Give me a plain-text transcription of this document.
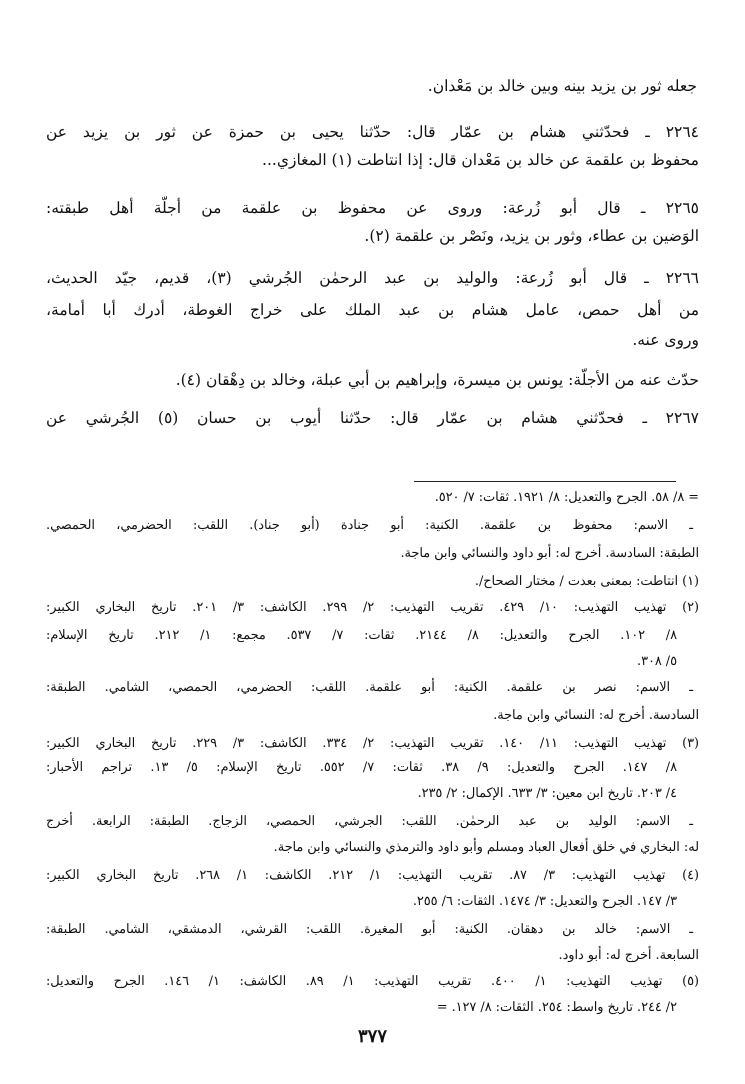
جعله ثور بن يزيد بينه وبين خالد بن مَعْدان.
٢٢٦٤ ـ فحدّثني هشام بن عمّار قال: حدّثنا يحيى بن حمزة عن ثور بن يزيد عن
محفوظ بن علقمة عن خالد بن مَعْدان قال: إذا انتاطت (١) المغازي...
٢٢٦٥ ـ قال أبو زُرعة: وروى عن محفوظ بن علقمة من أجلّة أهل طبقته:
الوَضين بن عطاء، وثور بن يزيد، ونَصْر بن علقمة (٢).
٢٢٦٦ ـ قال أبو زُرعة: والوليد بن عبد الرحمٰن الجُرشي (٣)، قديم، جيّد الحديث،
من أهل حمص، عامل هشام بن عبد الملك على خراج الغوطة، أدرك أبا أمامة،
وروى عنه.
حدّث عنه من الأجلّة: يونس بن ميسرة، وإبراهيم بن أبي عبلة، وخالد بن دِهْقان (٤).
٢٢٦٧ ـ فحدّثني هشام بن عمّار قال: حدّثنا أيوب بن حسان (٥) الجُرشي عن
= ٨/ ٥٨. الجرح والتعديل: ٨/ ١٩٢١. ثقات: ٧/ ٥٢٠.
ـ الاسم: محفوظ بن علقمة. الكنية: أبو جنادة (أبو جناد). اللقب: الحضرمي، الحمصي.
الطبقة: السادسة. أخرج له: أبو داود والنسائي وابن ماجة.
(١) انتاطت: بمعنى بعدت / مختار الصحاح/.
(٢) تهذيب التهذيب: ١٠/ ٤٢٩. تقريب التهذيب: ٢/ ٢٩٩. الكاشف: ٣/ ٢٠١. تاريخ البخاري الكبير:
٨/ ١٠٢. الجرح والتعديل: ٨/ ٢١٤٤. ثقات: ٧/ ٥٣٧. مجمع: ١/ ٢١٢. تاريخ الإسلام:
٥/ ٣٠٨.
ـ الاسم: نصر بن علقمة. الكنية: أبو علقمة. اللقب: الحضرمي، الحمصي، الشامي. الطبقة:
السادسة. أخرج له: النسائي وابن ماجة.
(٣) تهذيب التهذيب: ١١/ ١٤٠. تقريب التهذيب: ٢/ ٣٣٤. الكاشف: ٣/ ٢٢٩. تاريخ البخاري الكبير:
٨/ ١٤٧. الجرح والتعديل: ٩/ ٣٨. ثقات: ٧/ ٥٥٢. تاريخ الإسلام: ٥/ ١٣. تراجم الأحبار:
٤/ ٢٠٣. تاريخ ابن معين: ٣/ ٦٣٣. الإكمال: ٢/ ٢٣٥.
ـ الاسم: الوليد بن عبد الرحمٰن. اللقب: الجرشي، الحمصي، الزجاج. الطبقة: الرابعة. أخرج
له: البخاري في خلق أفعال العباد ومسلم وأبو داود والترمذي والنسائي وابن ماجة.
(٤) تهذيب التهذيب: ٣/ ٨٧. تقريب التهذيب: ١/ ٢١٢. الكاشف: ١/ ٢٦٨. تاريخ البخاري الكبير:
٣/ ١٤٧. الجرح والتعديل: ٣/ ١٤٧٤. الثقات: ٦/ ٢٥٥.
ـ الاسم: خالد بن دهقان. الكنية: أبو المغيرة. اللقب: القرشي، الدمشقي، الشامي. الطبقة:
السابعة. أخرج له: أبو داود.
(٥) تهذيب التهذيب: ١/ ٤٠٠. تقريب التهذيب: ١/ ٨٩. الكاشف: ١/ ١٤٦. الجرح والتعديل:
٢/ ٢٤٤. تاريخ واسط: ٢٥٤. الثقات: ٨/ ١٢٧. =
٣٧٧
